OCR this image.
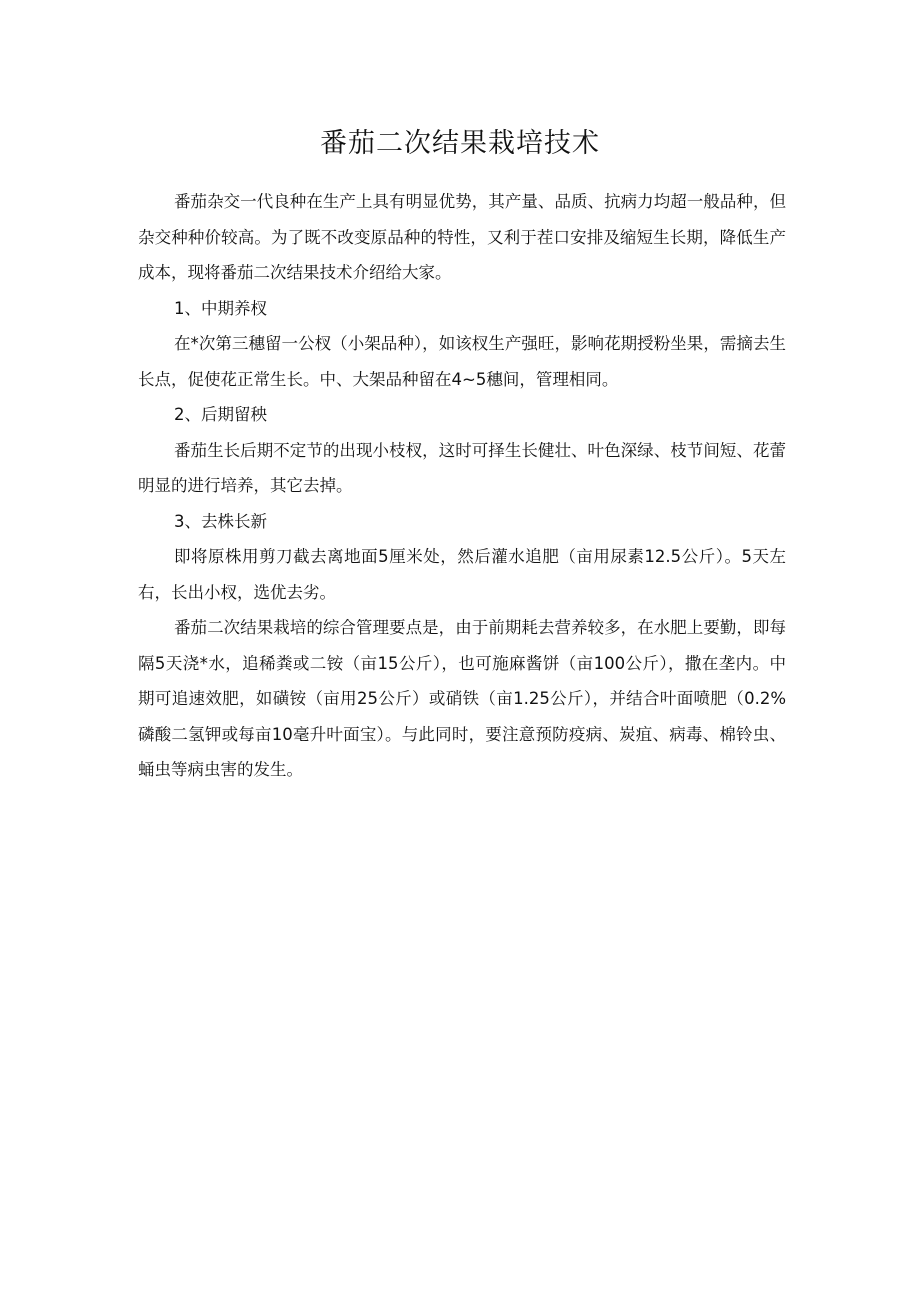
番茄二次结果栽培技术

番茄杂交一代良种在生产上具有明显优势，其产量、品质、抗病力均超一般品种，但杂交种种价较高。为了既不改变原品种的特性，又利于茬口安排及缩短生长期，降低生产成本，现将番茄二次结果技术介绍给大家。

1、中期养杈

在*次第三穗留一公杈（小架品种），如该杈生产强旺，影响花期授粉坐果，需摘去生长点，促使花正常生长。中、大架品种留在4~5穗间，管理相同。

2、后期留秧

番茄生长后期不定节的出现小枝杈，这时可择生长健壮、叶色深绿、枝节间短、花蕾明显的进行培养，其它去掉。

3、去株长新

即将原株用剪刀截去离地面5厘米处，然后灌水追肥（亩用尿素12.5公斤）。5天左右，长出小杈，选优去劣。

番茄二次结果栽培的综合管理要点是，由于前期耗去营养较多，在水肥上要勤，即每隔5天浇*水，追稀粪或二铵（亩15公斤），也可施麻酱饼（亩100公斤），撒在垄内。中期可追速效肥，如磺铵（亩用25公斤）或硝铁（亩1.25公斤），并结合叶面喷肥（0.2%磷酸二氢钾或每亩10毫升叶面宝）。与此同时，要注意预防疫病、炭疽、病毒、棉铃虫、蛹虫等病虫害的发生。
